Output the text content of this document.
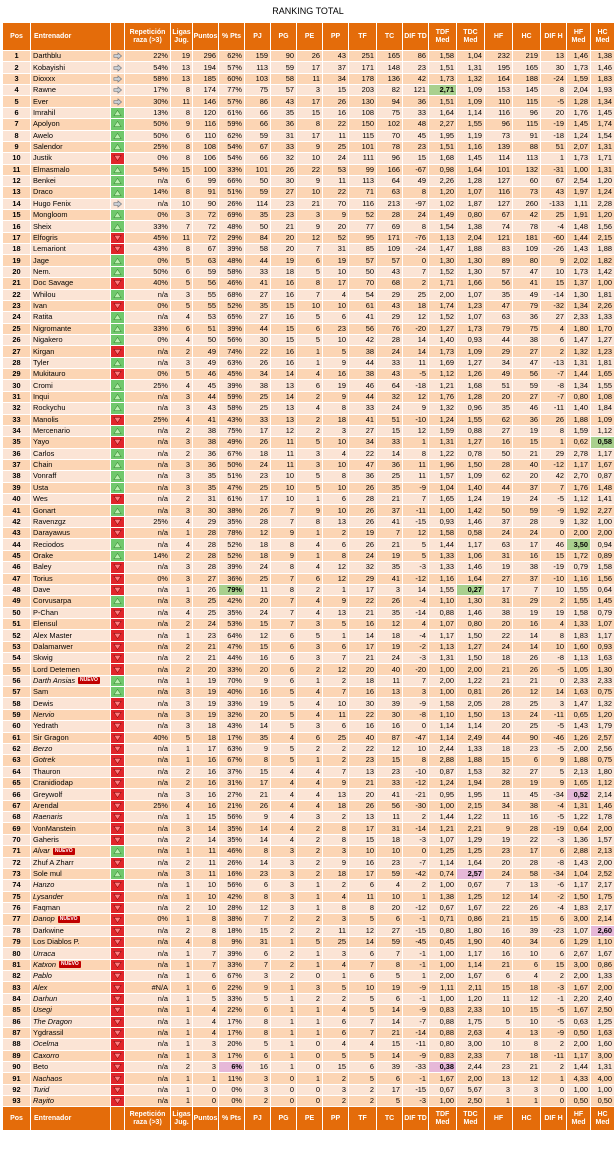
RANKING TOTAL
Pos	Entrenador		Repetición raza (>3)	Ligas Jug.	Puntos	% Pts	PJ	PG	PE	PP	TF	TC	DIF TD	TDF Med	TDC Med	HF	HC	DIF H	HF Med	HC Med
1	Darthblu		22%	19	296	62%	159	90	26	43	251	165	86	1,58	1,04	232	219	13	1,46	1,38
2	Kobayishi		54%	13	194	57%	113	59	17	37	171	148	23	1,51	1,31	195	165	30	1,73	1,46
3	Dioxxx		58%	13	185	60%	103	58	11	34	178	136	42	1,73	1,32	164	188	-24	1,59	1,83
4	Rawne		17%	8	174	77%	75	57	3	15	203	82	121	2,71	1,09	153	145	8	2,04	1,93
5	Ever		30%	11	146	57%	86	43	17	26	130	94	36	1,51	1,09	110	115	-5	1,28	1,34
6	Imrahil		13%	8	120	61%	66	35	15	16	108	75	33	1,64	1,14	116	96	20	1,76	1,45
7	Apolyon		50%	9	116	59%	66	36	8	22	150	102	48	2,27	1,55	96	115	-19	1,45	1,74
8	Awelo		50%	6	110	62%	59	31	17	11	115	70	45	1,95	1,19	73	91	-18	1,24	1,54
9	Salendor		25%	8	108	54%	67	33	9	25	101	78	23	1,51	1,16	139	88	51	2,07	1,31
10	Justik		0%	8	106	54%	66	32	10	24	111	96	15	1,68	1,45	114	113	1	1,73	1,71
11	Elmasmalo		54%	15	100	33%	101	26	22	53	99	166	-67	0,98	1,64	101	132	-31	1,00	1,31
12	Benkei		n/a	6	99	66%	50	30	9	11	113	64	49	2,26	1,28	127	60	67	2,54	1,20
13	Draco		14%	8	91	51%	59	27	10	22	71	63	8	1,20	1,07	116	73	43	1,97	1,24
14	Hugo Fenix		n/a	10	90	26%	114	23	21	70	116	213	-97	1,02	1,87	127	260	-133	1,11	2,28
15	Mongloom		0%	3	72	69%	35	23	3	9	52	28	24	1,49	0,80	67	42	25	1,91	1,20
16	Sheix		33%	7	72	48%	50	21	9	20	77	69	8	1,54	1,38	74	78	-4	1,48	1,56
17	Elfogris		45%	11	72	29%	84	20	12	52	95	171	-76	1,13	2,04	121	181	-60	1,44	2,15
18	Lemariont		43%	8	67	39%	58	20	7	31	85	109	-24	1,47	1,88	83	109	-26	1,43	1,88
19	Jage		0%	5	63	48%	44	19	6	19	57	57	0	1,30	1,30	89	80	9	2,02	1,82
20	Nem.		50%	6	59	58%	33	18	5	10	50	43	7	1,52	1,30	57	47	10	1,73	1,42
21	Doc Savage		40%	5	56	46%	41	16	8	17	70	68	2	1,71	1,66	56	41	15	1,37	1,00
22	Whilou		n/a	3	55	68%	27	16	7	4	54	29	25	2,00	1,07	35	49	-14	1,30	1,81
23	Ivan		0%	5	55	52%	35	15	10	10	61	43	18	1,74	1,23	47	79	-32	1,34	2,26
24	Ratita		n/a	4	53	65%	27	16	5	6	41	29	12	1,52	1,07	63	36	27	2,33	1,33
25	Nigromante		33%	6	51	39%	44	15	6	23	56	76	-20	1,27	1,73	79	75	4	1,80	1,70
26	Nigakero		0%	4	50	56%	30	15	5	10	42	28	14	1,40	0,93	44	38	6	1,47	1,27
27	Kirgan		n/a	2	49	74%	22	16	1	5	38	24	14	1,73	1,09	29	27	2	1,32	1,23
28	Tyler		n/a	3	49	63%	26	16	1	9	44	33	11	1,69	1,27	34	47	-13	1,31	1,81
29	Mukitauro		0%	5	46	45%	34	14	4	16	38	43	-5	1,12	1,26	49	56	-7	1,44	1,65
30	Cromi		25%	4	45	39%	38	13	6	19	46	64	-18	1,21	1,68	51	59	-8	1,34	1,55
31	Inqui		n/a	3	44	59%	25	14	2	9	44	32	12	1,76	1,28	20	27	-7	0,80	1,08
32	Rockychu		n/a	3	43	58%	25	13	4	8	33	24	9	1,32	0,96	35	46	-11	1,40	1,84
33	Manolis		25%	4	41	43%	33	13	2	18	41	51	-10	1,24	1,55	62	36	26	1,88	1,09
34	Mercenario		n/a	2	38	75%	17	12	2	3	27	15	12	1,59	0,88	27	19	8	1,59	1,12
35	Yayo		n/a	3	38	49%	26	11	5	10	34	33	1	1,31	1,27	16	15	1	0,62	0,58
36	Carlos		n/a	2	36	67%	18	11	3	4	22	14	8	1,22	0,78	50	21	29	2,78	1,17
37	Chain		n/a	3	36	50%	24	11	3	10	47	36	11	1,96	1,50	28	40	-12	1,17	1,67
38	Vonraff		n/a	3	35	51%	23	10	5	8	36	25	11	1,57	1,09	62	20	42	2,70	0,87
39	Usta		n/a	3	35	47%	25	10	5	10	26	35	-9	1,04	1,40	44	37	7	1,76	1,48
40	Wes		n/a	2	31	61%	17	10	1	6	28	21	7	1,65	1,24	19	24	-5	1,12	1,41
41	Gonart		n/a	3	30	38%	26	7	9	10	26	37	-11	1,00	1,42	50	59	-9	1,92	2,27
42	Ravenzgz		25%	4	29	35%	28	7	8	13	26	41	-15	0,93	1,46	37	28	9	1,32	1,00
43	Darayawus		n/a	1	28	78%	12	9	1	2	19	7	12	1,58	0,58	24	24	0	2,00	2,00
44	Reciodos		n/a	4	28	52%	18	8	4	6	26	21	5	1,44	1,17	63	17	46	3,50	0,94
45	Orake		14%	2	28	52%	18	9	1	8	24	19	5	1,33	1,06	31	16	15	1,72	0,89
46	Baley		n/a	3	28	39%	24	8	4	12	32	35	-3	1,33	1,46	19	38	-19	0,79	1,58
47	Torius		0%	3	27	36%	25	7	6	12	29	41	-12	1,16	1,64	27	37	-10	1,16	1,56
48	Dave		n/a	1	26	79%	11	8	2	1	17	3	14	1,55	0,27	17	7	10	1,55	0,64
49	Corvusarpa		n/a	3	25	42%	20	7	4	9	22	26	-4	1,10	1,30	31	29	2	1,55	1,45
50	P-Chan		n/a	4	25	35%	24	7	4	13	21	35	-14	0,88	1,46	38	19	19	1,58	0,79
51	Elensul		n/a	2	24	53%	15	7	3	5	16	12	4	1,07	0,80	20	16	4	1,33	1,07
52	Alex Master		n/a	1	23	64%	12	6	5	1	14	18	-4	1,17	1,50	22	14	8	1,83	1,17
53	Dalamarwer		n/a	2	21	47%	15	6	3	6	17	19	-2	1,13	1,27	24	14	10	1,60	0,93
54	Skwig		n/a	2	21	44%	16	6	3	7	21	24	-3	1,31	1,50	18	26	-8	1,13	1,63
55	Lord Detemen		n/a	2	20	33%	20	6	2	12	20	40	-20	1,00	2,00	21	26	-5	1,05	1,30
56	Darth Ansias NUEVO		n/a	1	19	70%	9	6	1	2	18	11	7	2,00	1,22	21	21	0	2,33	2,33
57	Sam		n/a	3	19	40%	16	5	4	7	16	13	3	1,00	0,81	26	12	14	1,63	0,75
58	Dewis		n/a	3	19	33%	19	5	4	10	30	39	-9	1,58	2,05	28	25	3	1,47	1,32
59	Nervio		n/a	3	19	32%	20	5	4	11	22	30	-8	1,10	1,50	13	24	-11	0,65	1,20
60	Yedrath		n/a	3	18	43%	14	5	3	6	16	16	0	1,14	1,14	20	25	-5	1,43	1,79
61	Sir Gragon		40%	5	18	17%	35	4	6	25	40	87	-47	1,14	2,49	44	90	-46	1,26	2,57
62	Berzo		n/a	1	17	63%	9	5	2	2	22	12	10	2,44	1,33	18	23	-5	2,00	2,56
63	Gotrek		n/a	1	16	67%	8	5	1	2	23	15	8	2,88	1,88	15	6	9	1,88	0,75
64	Thauron		n/a	2	16	37%	15	4	4	7	13	23	-10	0,87	1,53	32	27	5	2,13	1,80
65	Cranidiodap		n/a	2	16	31%	17	4	4	9	21	33	-12	1,24	1,94	28	19	9	1,65	1,12
66	Greywolf		n/a	3	16	27%	21	4	4	13	20	41	-21	0,95	1,95	11	45	-34	0,52	2,14
67	Arendal		25%	4	16	21%	26	4	4	18	26	56	-30	1,00	2,15	34	38	-4	1,31	1,46
68	Raenaris		n/a	1	15	56%	9	4	3	2	13	11	2	1,44	1,22	11	16	-5	1,22	1,78
69	VonManstein		n/a	3	14	35%	14	4	2	8	17	31	-14	1,21	2,21	9	28	-19	0,64	2,00
70	Gaheris		n/a	2	14	35%	14	4	2	8	15	18	-3	1,07	1,29	19	22	-3	1,36	1,57
71	Alvar NUEVO		n/a	1	11	46%	8	3	2	3	10	10	0	1,25	1,25	23	17	6	2,88	2,13
72	Zhuf A Zharr		n/a	2	11	26%	14	3	2	9	16	23	-7	1,14	1,64	20	28	-8	1,43	2,00
73	Sole mul		n/a	3	11	16%	23	3	2	18	17	59	-42	0,74	2,57	24	58	-34	1,04	2,52
74	Hanzo		n/a	1	10	56%	6	3	1	2	6	4	2	1,00	0,67	7	13	-6	1,17	2,17
75	Lysander		n/a	1	10	42%	8	3	1	4	11	10	1	1,38	1,25	12	14	-2	1,50	1,75
76	Faqman		n/a	2	10	28%	12	3	1	8	8	20	-12	0,67	1,67	22	26	-4	1,83	2,17
77	Danop NUEVO		0%	1	8	38%	7	2	2	3	5	6	-1	0,71	0,86	21	15	6	3,00	2,14
78	Darkwine		n/a	2	8	18%	15	2	2	11	12	27	-15	0,80	1,80	16	39	-23	1,07	2,60
79	Los Diablos P.		n/a	4	8	9%	31	1	5	25	14	59	-45	0,45	1,90	40	34	6	1,29	1,10
80	Urraca		n/a	1	7	39%	6	2	1	3	6	7	-1	1,00	1,17	16	10	6	2,67	1,67
81	Katxon NUEVO		n/a	1	7	33%	7	2	1	4	7	8	-1	1,00	1,14	21	6	15	3,00	0,86
82	Pablo		n/a	1	6	67%	3	2	0	1	6	5	1	2,00	1,67	6	4	2	2,00	1,33
83	Alex		#N/A	1	6	22%	9	1	3	5	10	19	-9	1,11	2,11	15	18	-3	1,67	2,00
84	Darhun		n/a	1	5	33%	5	1	2	2	5	6	-1	1,00	1,20	11	12	-1	2,20	2,40
85	Usegi		n/a	1	4	22%	6	1	1	4	5	14	-9	0,83	2,33	10	15	-5	1,67	2,50
86	The Dragon		n/a	1	4	17%	8	1	1	6	7	14	-7	0,88	1,75	5	10	-5	0,63	1,25
87	Ygdrassil		n/a	1	4	17%	8	1	1	6	7	21	-14	0,88	2,63	4	13	-9	0,50	1,63
88	Ocelma		n/a	1	3	20%	5	1	0	4	4	15	-11	0,80	3,00	10	8	2	2,00	1,60
89	Caxorro		n/a	1	3	17%	6	1	0	5	5	14	-9	0,83	2,33	7	18	-11	1,17	3,00
90	Beto		n/a	2	3	6%	16	1	0	15	6	39	-33	0,38	2,44	23	21	2	1,44	1,31
91	Nachaos		n/a	1	1	11%	3	0	1	2	5	6	-1	1,67	2,00	13	12	1	4,33	4,00
92	Turid		n/a	1	0	0%	3	0	0	3	2	17	-15	0,67	5,67	3	3	0	1,00	1,00
93	Rayito		n/a	1	0	0%	2	0	0	2	2	5	-3	1,00	2,50	1	1	0	0,50	0,50
Pos	Entrenador		Repetición raza (>3)	Ligas Jug.	Puntos	% Pts	PJ	PG	PE	PP	TF	TC	DIF TD	TDF Med	TDC Med	HF	HC	DIF H	HF Med	HC Med
